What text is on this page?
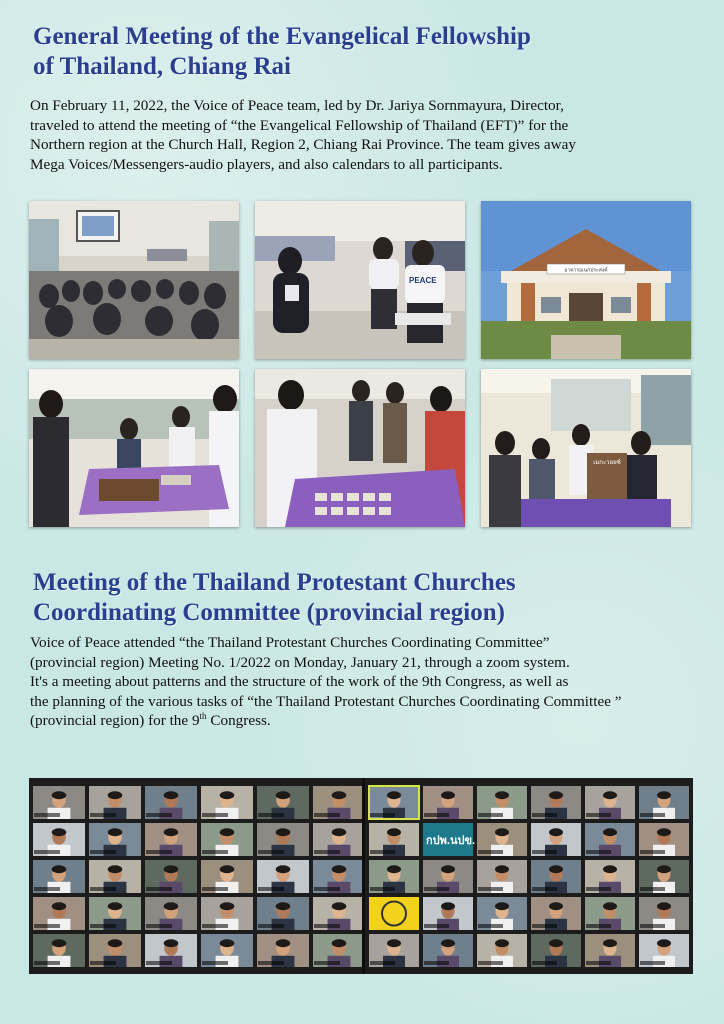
General Meeting of the Evangelical Fellowship
of Thailand, Chiang Rai

On February 11, 2022, the Voice of Peace team, led by Dr. Jariya Sornmayura, Director,
traveled to attend the meeting of “the Evangelical Fellowship of Thailand (EFT)” for the
Northern region at the Church Hall, Region 2, Chiang Rai Province. The team gives away
Mega Voices/Messengers-audio players, and also calendars to all participants.

PEACE
อาคารอเนกประสงค์
เมกะวอยซ์
Meeting of the Thailand Protestant Churches
Coordinating Committee (provincial region)

Voice of Peace attended “the Thailand Protestant Churches Coordinating Committee”
(provincial region) Meeting No. 1/2022 on Monday, January 21, through a zoom system.
It's a meeting about patterns and the structure of the work of the 9th Congress, as well as
the planning of the various tasks of “the Thailand Protestant Churches Coordinating Committee ”
(provincial region) for the 9th Congress.

กปพ.นปข.
